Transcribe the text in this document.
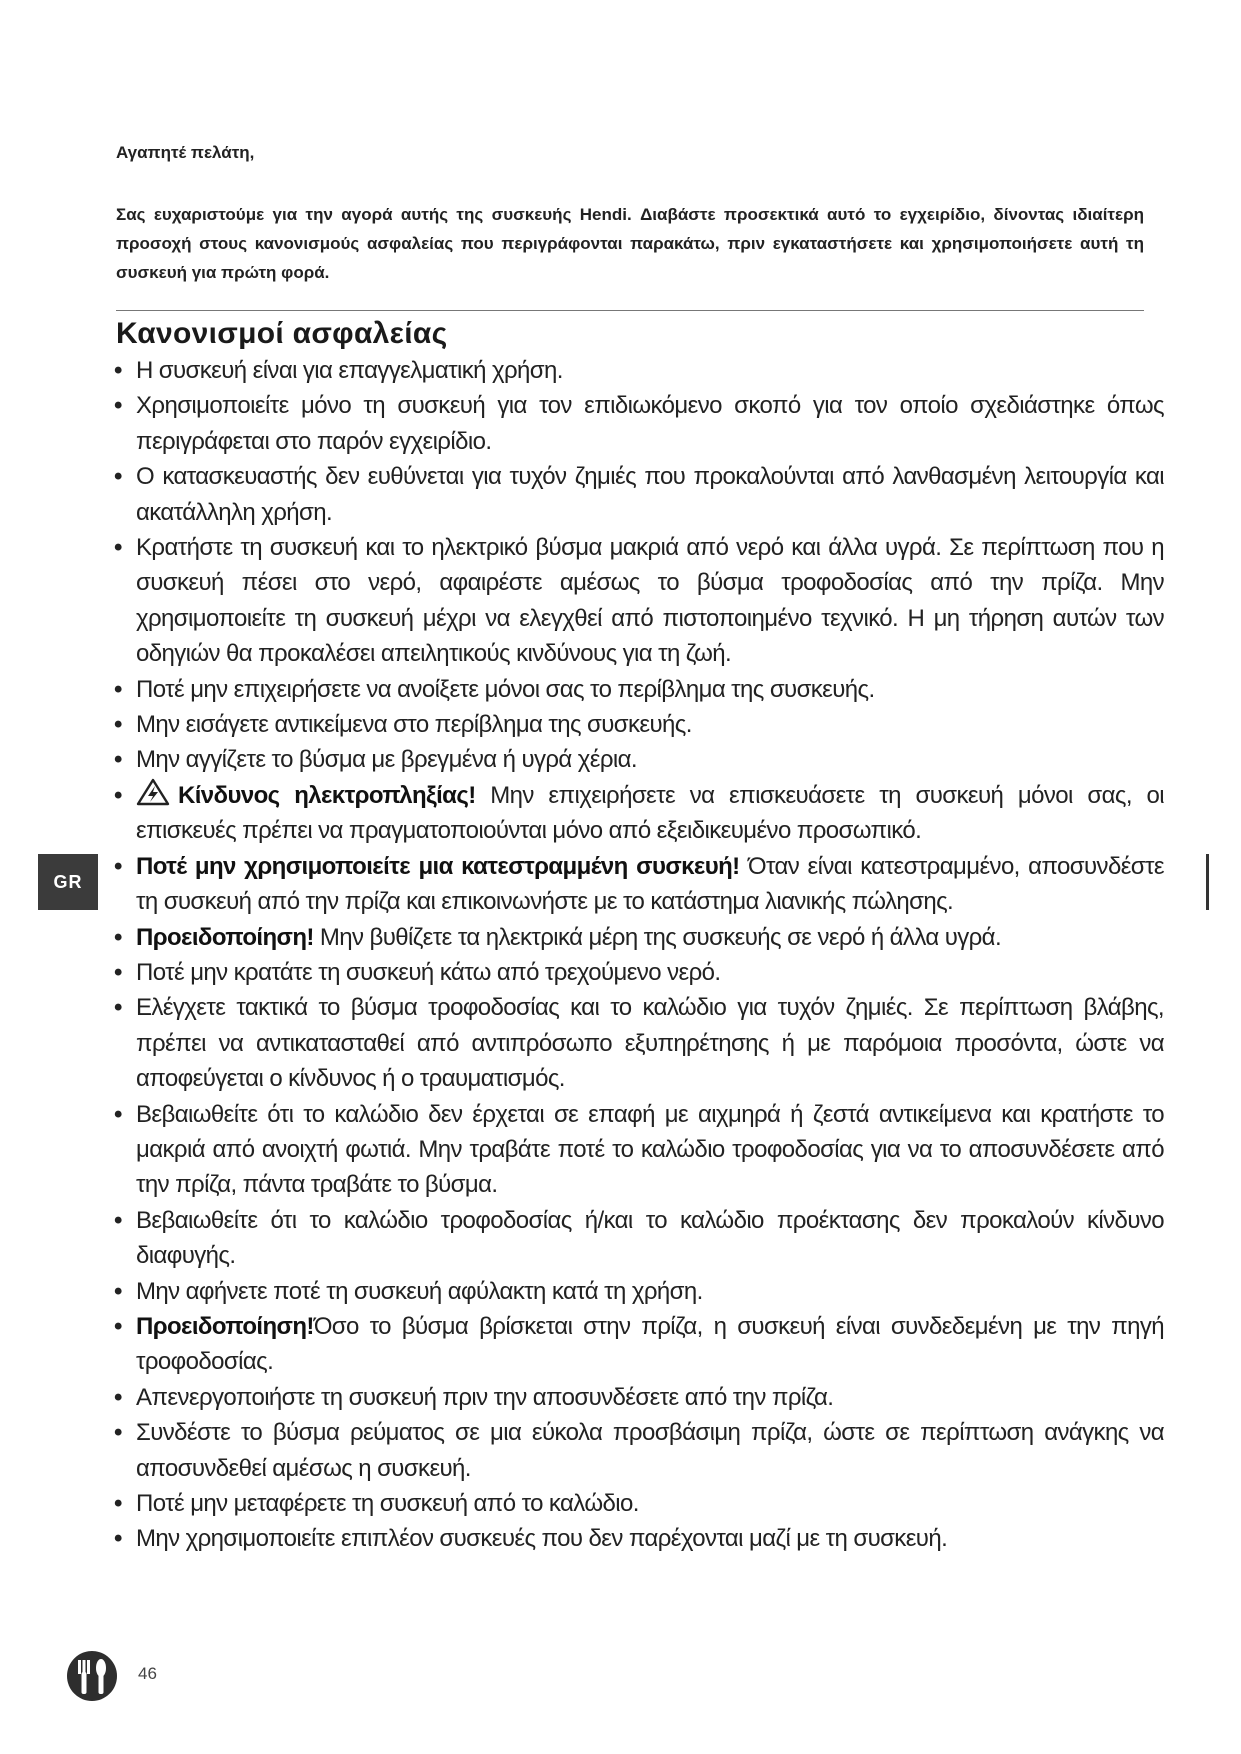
Αγαπητέ πελάτη,

Σας ευχαριστούμε για την αγορά αυτής της συσκευής Hendi. Διαβάστε προσεκτικά αυτό το εγχειρίδιο, δίνοντας ιδιαίτερη προσοχή στους κανονισμούς ασφαλείας που περιγράφονται παρακάτω, πριν εγκαταστήσετε και χρησιμοποιήσετε αυτή τη συσκευή για πρώτη φορά.

Κανονισμοί ασφαλείας
• Η συσκευή είναι για επαγγελματική χρήση.
• Χρησιμοποιείτε μόνο τη συσκευή για τον επιδιωκόμενο σκοπό για τον οποίο σχεδιάστηκε όπως περιγράφεται στο παρόν εγχειρίδιο.
• Ο κατασκευαστής δεν ευθύνεται για τυχόν ζημιές που προκαλούνται από λανθασμένη λειτουργία και ακατάλληλη χρήση.
• Κρατήστε τη συσκευή και το ηλεκτρικό βύσμα μακριά από νερό και άλλα υγρά. Σε περίπτωση που η συσκευή πέσει στο νερό, αφαιρέστε αμέσως το βύσμα τροφοδοσίας από την πρίζα. Μην χρησιμοποιείτε τη συσκευή μέχρι να ελεγχθεί από πιστοποιημένο τεχνικό. Η μη τήρηση αυτών των οδηγιών θα προκαλέσει απειλητικούς κινδύνους για τη ζωή.
• Ποτέ μην επιχειρήσετε να ανοίξετε μόνοι σας το περίβλημα της συσκευής.
• Μην εισάγετε αντικείμενα στο περίβλημα της συσκευής.
• Μην αγγίζετε το βύσμα με βρεγμένα ή υγρά χέρια.
• Κίνδυνος ηλεκτροπληξίας! Μην επιχειρήσετε να επισκευάσετε τη συσκευή μόνοι σας, οι επισκευές πρέπει να πραγματοποιούνται μόνο από εξειδικευμένο προσωπικό.
• Ποτέ μην χρησιμοποιείτε μια κατεστραμμένη συσκευή! Όταν είναι κατεστραμμένο, αποσυνδέστε τη συσκευή από την πρίζα και επικοινωνήστε με το κατάστημα λιανικής πώλησης.
• Προειδοποίηση! Μην βυθίζετε τα ηλεκτρικά μέρη της συσκευής σε νερό ή άλλα υγρά.
• Ποτέ μην κρατάτε τη συσκευή κάτω από τρεχούμενο νερό.
• Ελέγχετε τακτικά το βύσμα τροφοδοσίας και το καλώδιο για τυχόν ζημιές. Σε περίπτωση βλάβης, πρέπει να αντικατασταθεί από αντιπρόσωπο εξυπηρέτησης ή με παρόμοια προσόντα, ώστε να αποφεύγεται ο κίνδυνος ή ο τραυματισμός.
• Βεβαιωθείτε ότι το καλώδιο δεν έρχεται σε επαφή με αιχμηρά ή ζεστά αντικείμενα και κρατήστε το μακριά από ανοιχτή φωτιά. Μην τραβάτε ποτέ το καλώδιο τροφοδοσίας για να το αποσυνδέσετε από την πρίζα, πάντα τραβάτε το βύσμα.
• Βεβαιωθείτε ότι το καλώδιο τροφοδοσίας ή/και το καλώδιο προέκτασης δεν προκαλούν κίνδυνο διαφυγής.
• Μην αφήνετε ποτέ τη συσκευή αφύλακτη κατά τη χρήση.
• Προειδοποίηση!Όσο το βύσμα βρίσκεται στην πρίζα, η συσκευή είναι συνδεδεμένη με την πηγή τροφοδοσίας.
• Απενεργοποιήστε τη συσκευή πριν την αποσυνδέσετε από την πρίζα.
• Συνδέστε το βύσμα ρεύματος σε μια εύκολα προσβάσιμη πρίζα, ώστε σε περίπτωση ανάγκης να αποσυνδεθεί αμέσως η συσκευή.
• Ποτέ μην μεταφέρετε τη συσκευή από το καλώδιο.
• Μην χρησιμοποιείτε επιπλέον συσκευές που δεν παρέχονται μαζί με τη συσκευή.
GR

46
